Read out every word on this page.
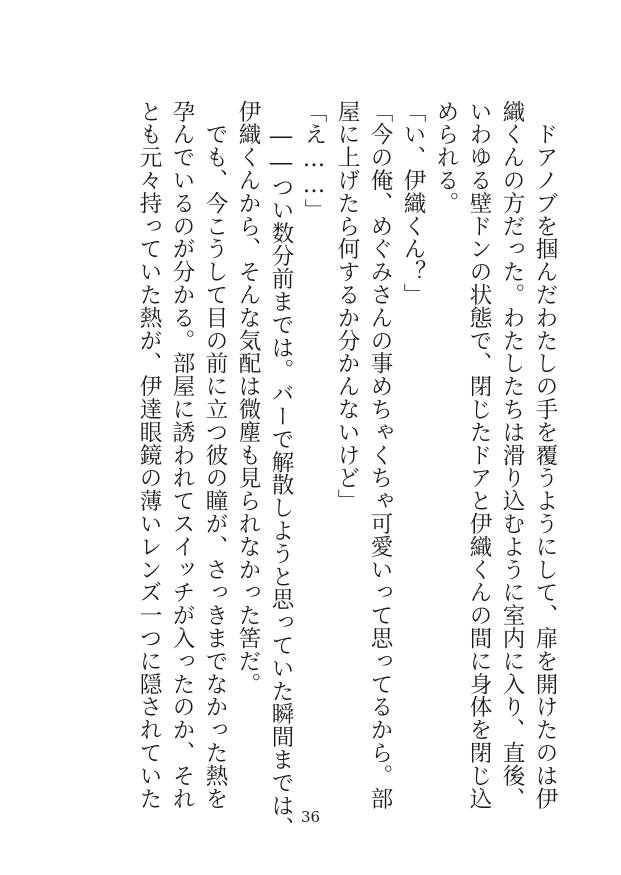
　ドアノブを掴んだわたしの手を覆うようにして、扉を開けたのは伊
織くんの方だった。わたしたちは滑り込むように室内に入り、直後、
いわゆる壁ドンの状態で、閉じたドアと伊織くんの間に身体を閉じ込
められる。
「い、伊織くん？」
「今の俺、めぐみさんの事めちゃくちゃ可愛いって思ってるから。部
屋に上げたら何するか分かんないけど」
「え……」
　――つい数分前までは。バーで解散しようと思っていた瞬間までは、
伊織くんから、そんな気配は微塵も見られなかった筈だ。
　でも、今こうして目の前に立つ彼の瞳が、さっきまでなかった熱を
孕んでいるのが分かる。部屋に誘われてスイッチが入ったのか、それ
とも元々持っていた熱が、伊達眼鏡の薄いレンズ一つに隠されていた
36
